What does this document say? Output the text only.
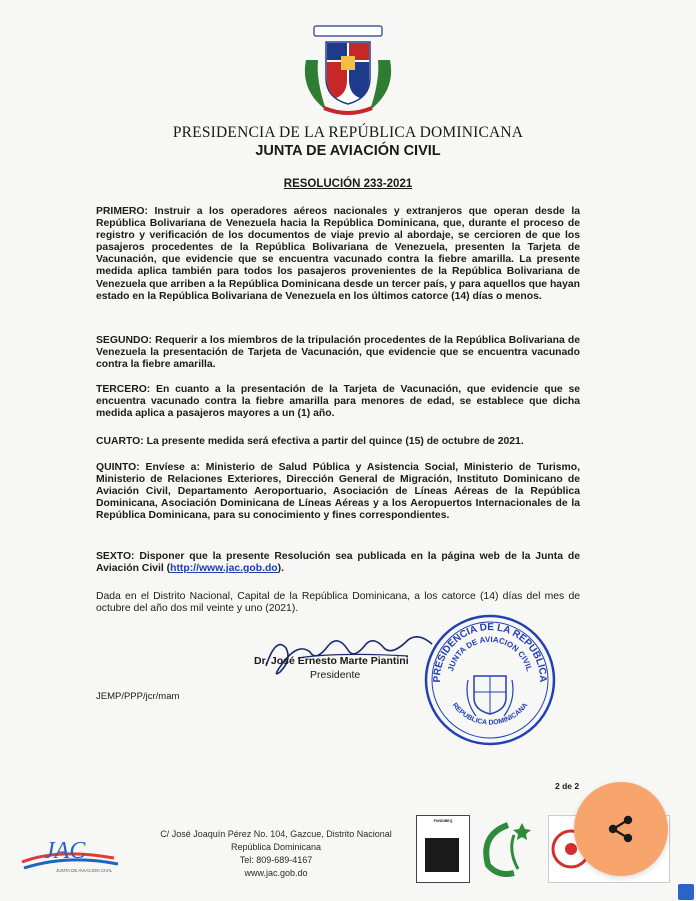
PRESIDENCIA DE LA REPÚBLICA DOMINICANA
JUNTA DE AVIACIÓN CIVIL
RESOLUCIÓN 233-2021
PRIMERO: Instruir a los operadores aéreos nacionales y extranjeros que operan desde la República Bolivariana de Venezuela hacia la República Dominicana, que, durante el proceso de registro y verificación de los documentos de viaje previo al abordaje, se cercioren de que los pasajeros procedentes de la República Bolivariana de Venezuela, presenten la Tarjeta de Vacunación, que evidencie que se encuentra vacunado contra la fiebre amarilla. La presente medida aplica también para todos los pasajeros provenientes de la República Bolivariana de Venezuela que arriben a la República Dominicana desde un tercer país, y para aquellos que hayan estado en la República Bolivariana de Venezuela en los últimos catorce (14) días o menos.
SEGUNDO: Requerir a los miembros de la tripulación procedentes de la República Bolivariana de Venezuela la presentación de Tarjeta de Vacunación, que evidencie que se encuentra vacunado contra la fiebre amarilla.
TERCERO: En cuanto a la presentación de la Tarjeta de Vacunación, que evidencie que se encuentra vacunado contra la fiebre amarilla para menores de edad, se establece que dicha medida aplica a pasajeros mayores a un (1) año.
CUARTO: La presente medida será efectiva a partir del quince (15) de octubre de 2021.
QUINTO: Envíese a: Ministerio de Salud Pública y Asistencia Social, Ministerio de Turismo, Ministerio de Relaciones Exteriores, Dirección General de Migración, Instituto Dominicano de Aviación Civil, Departamento Aeroportuario, Asociación de Líneas Aéreas de la República Dominicana, Asociación Dominicana de Líneas Aéreas y a los Aeropuertos Internacionales de la República Dominicana, para su conocimiento y fines correspondientes.
SEXTO: Disponer que la presente Resolución sea publicada en la página web de la Junta de Aviación Civil (http://www.jac.gob.do).
Dada en el Distrito Nacional, Capital de la República Dominicana, a los catorce (14) días del mes de octubre del año dos mil veinte y uno (2021).
Dr. José Ernesto Marte Piantini
Presidente	PRESIDENCIA DE LA REPUBLICA
JUNTA DE AVIACION CIVIL
REPUBLICA DOMINICANA
JEMP/PPP/jcr/mam
2 de 2
JAC
JUNTA DE AVIACION CIVIL
C/ José Joaquín Pérez No. 104, Gazcue, Distrito Nacional
República Dominicana
Tel: 809-689-4167
www.jac.gob.do
FUNDIBEQ
